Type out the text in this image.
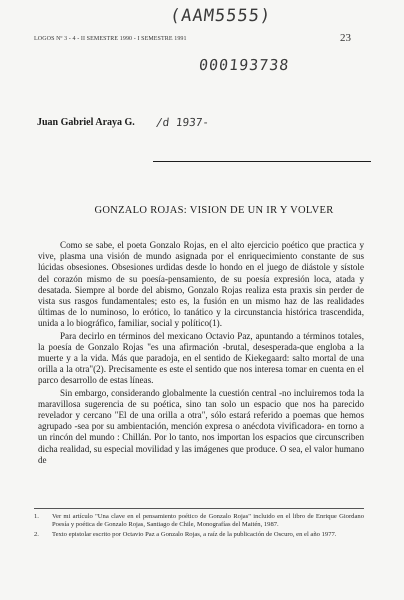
(AAM5555)
LOGOS Nº 3 - 4 - II SEMESTRE 1990 - I SEMESTRE 1991	23
000193738
Juan Gabriel Araya G. /d 1937-
GONZALO ROJAS: VISION DE UN IR Y VOLVER

Como se sabe, el poeta Gonzalo Rojas, en el alto ejercicio poético que practica y vive, plasma una visión de mundo asignada por el enriquecimiento constante de sus lúcidas obsesiones. Obsesiones urdidas desde lo hondo en el juego de diástole y sístole del corazón mismo de su poesía-pensamiento, de su poesía expresión loca, atada y desatada. Siempre al borde del abismo, Gonzalo Rojas realiza esta praxis sin perder de vista sus rasgos fundamentales; esto es, la fusión en un mismo haz de las realidades últimas de lo numinoso, lo erótico, lo tanático y la circunstancia histórica trascendida, unida a lo biográfico, familiar, social y político(1).

Para decirlo en términos del mexicano Octavio Paz, apuntando a términos totales, la poesía de Gonzalo Rojas "es una afirmación -brutal, desesperada-que engloba a la muerte y a la vida. Más que paradoja, en el sentido de Kiekegaard: salto mortal de una orilla a la otra"(2). Precisamente es este el sentido que nos interesa tomar en cuenta en el parco desarrollo de estas líneas.

Sin embargo, considerando globalmente la cuestión central -no incluiremos toda la maravillosa sugerencia de su poética, sino tan solo un espacio que nos ha parecido revelador y cercano "El de una orilla a otra", sólo estará referido a poemas que hemos agrupado -sea por su ambientación, mención expresa o anécdota vivificadora- en torno a un rincón del mundo : Chillán. Por lo tanto, nos importan los espacios que circunscriben dicha realidad, su especial movilidad y las imágenes que produce. O sea, el valor humano de

1.	Ver mi artículo "Una clave en el pensamiento poético de Gonzalo Rojas" incluido en el libro de Enrique Giordano Poesía y poética de Gonzalo Rojas, Santiago de Chile, Monografías del Maitén, 1987.
2.	Texto epistolar escrito por Octavio Paz a Gonzalo Rojas, a raíz de la publicación de Oscuro, en el año 1977.
